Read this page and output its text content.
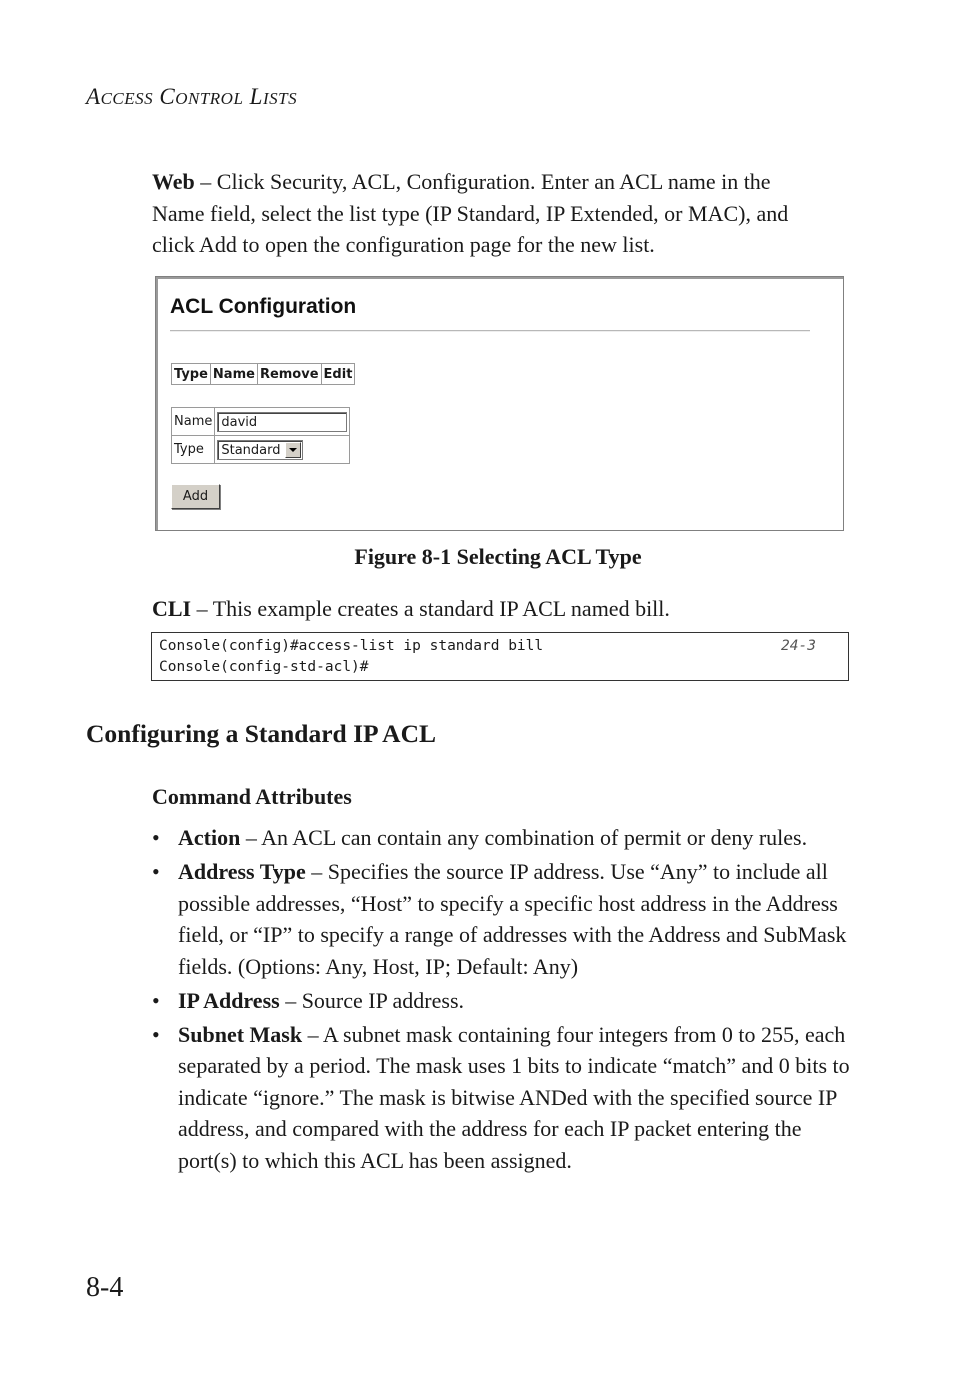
ACCESS CONTROL LISTS
Web – Click Security, ACL, Configuration. Enter an ACL name in the
Name field, select the list type (IP Standard, IP Extended, or MAC), and
click Add to open the configuration page for the new list.
ACL Configuration
Type	Name	Remove	Edit
Name	david
Type	Standard
Add
Figure 8-1 Selecting ACL Type
CLI – This example creates a standard IP ACL named bill.
Console(config)#access-list ip standard bill	24-3
Console(config-std-acl)#
Configuring a Standard IP ACL
Command Attributes
• Action – An ACL can contain any combination of permit or deny rules.
• Address Type – Specifies the source IP address. Use “Any” to include all possible addresses, “Host” to specify a specific host address in the Address field, or “IP” to specify a range of addresses with the Address and SubMask fields. (Options: Any, Host, IP; Default: Any)
• IP Address – Source IP address.
• Subnet Mask – A subnet mask containing four integers from 0 to 255, each separated by a period. The mask uses 1 bits to indicate “match” and 0 bits to indicate “ignore.” The mask is bitwise ANDed with the specified source IP address, and compared with the address for each IP packet entering the port(s) to which this ACL has been assigned.
8-4
